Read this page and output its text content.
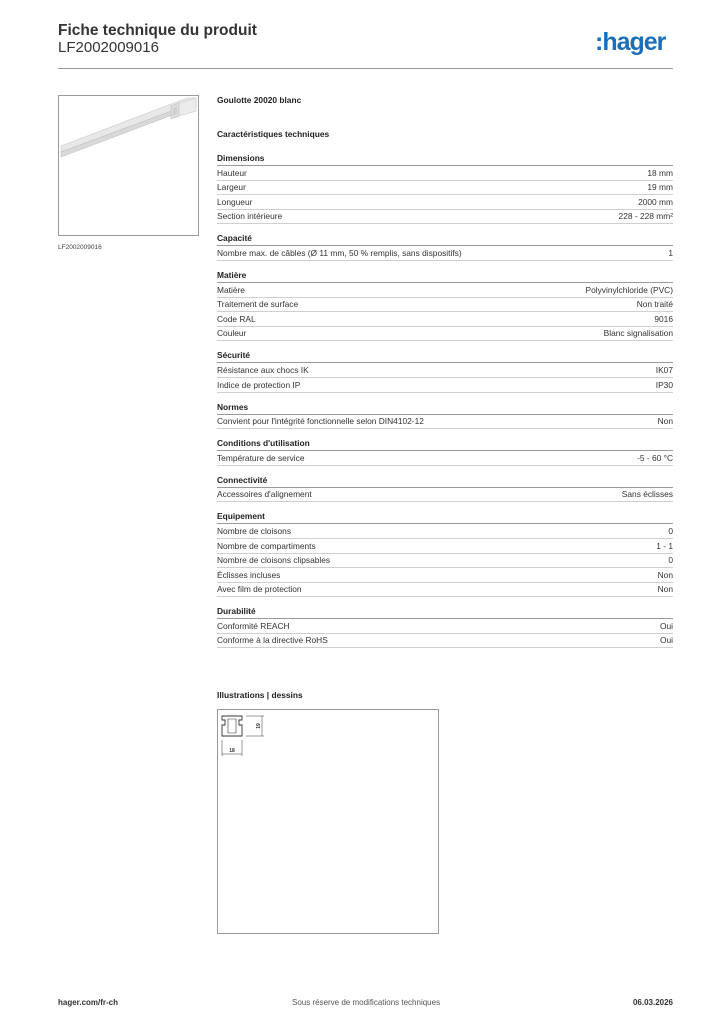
Fiche technique du produit
LF2002009016	:hager
LF2002009016
Goulotte 20020 blanc
Caractéristiques techniques
Dimensions
Hauteur	18 mm
Largeur	19 mm
Longueur	2000 mm
Section intérieure	228 - 228 mm²
Capacité
Nombre max. de câbles (Ø 11 mm, 50 % remplis, sans dispositifs)	1
Matière
Matière	Polyvinylchloride (PVC)
Traitement de surface	Non traité
Code RAL	9016
Couleur	Blanc signalisation
Sécurité
Résistance aux chocs IK	IK07
Indice de protection IP	IP30
Normes
Convient pour l'intégrité fonctionnelle selon DIN4102-12	Non
Conditions d'utilisation
Température de service	-5 - 60 °C
Connectivité
Accessoires d'alignement	Sans éclisses
Equipement
Nombre de cloisons	0
Nombre de compartiments	1 - 1
Nombre de cloisons clipsables	0
Éclisses incluses	Non
Avec film de protection	Non
Durabilité
Conformité REACH	Oui
Conforme à la directive RoHS	Oui
Illustrations | dessins
19
18
hager.com/fr-ch	Sous réserve de modifications techniques	06.03.2026
